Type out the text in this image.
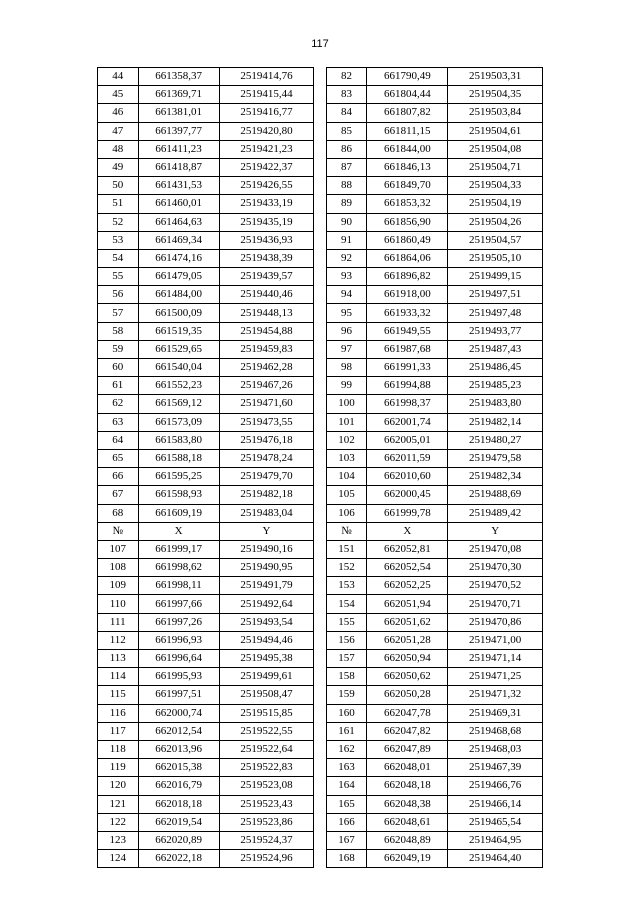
117
44	661358,37	2519414,76		82	661790,49	2519503,31
45	661369,71	2519415,44		83	661804,44	2519504,35
46	661381,01	2519416,77		84	661807,82	2519503,84
47	661397,77	2519420,80		85	661811,15	2519504,61
48	661411,23	2519421,23		86	661844,00	2519504,08
49	661418,87	2519422,37		87	661846,13	2519504,71
50	661431,53	2519426,55		88	661849,70	2519504,33
51	661460,01	2519433,19		89	661853,32	2519504,19
52	661464,63	2519435,19		90	661856,90	2519504,26
53	661469,34	2519436,93		91	661860,49	2519504,57
54	661474,16	2519438,39		92	661864,06	2519505,10
55	661479,05	2519439,57		93	661896,82	2519499,15
56	661484,00	2519440,46		94	661918,00	2519497,51
57	661500,09	2519448,13		95	661933,32	2519497,48
58	661519,35	2519454,88		96	661949,55	2519493,77
59	661529,65	2519459,83		97	661987,68	2519487,43
60	661540,04	2519462,28		98	661991,33	2519486,45
61	661552,23	2519467,26		99	661994,88	2519485,23
62	661569,12	2519471,60		100	661998,37	2519483,80
63	661573,09	2519473,55		101	662001,74	2519482,14
64	661583,80	2519476,18		102	662005,01	2519480,27
65	661588,18	2519478,24		103	662011,59	2519479,58
66	661595,25	2519479,70		104	662010,60	2519482,34
67	661598,93	2519482,18		105	662000,45	2519488,69
68	661609,19	2519483,04		106	661999,78	2519489,42
№	X	Y		№	X	Y
107	661999,17	2519490,16		151	662052,81	2519470,08
108	661998,62	2519490,95		152	662052,54	2519470,30
109	661998,11	2519491,79		153	662052,25	2519470,52
110	661997,66	2519492,64		154	662051,94	2519470,71
111	661997,26	2519493,54		155	662051,62	2519470,86
112	661996,93	2519494,46		156	662051,28	2519471,00
113	661996,64	2519495,38		157	662050,94	2519471,14
114	661995,93	2519499,61		158	662050,62	2519471,25
115	661997,51	2519508,47		159	662050,28	2519471,32
116	662000,74	2519515,85		160	662047,78	2519469,31
117	662012,54	2519522,55		161	662047,82	2519468,68
118	662013,96	2519522,64		162	662047,89	2519468,03
119	662015,38	2519522,83		163	662048,01	2519467,39
120	662016,79	2519523,08		164	662048,18	2519466,76
121	662018,18	2519523,43		165	662048,38	2519466,14
122	662019,54	2519523,86		166	662048,61	2519465,54
123	662020,89	2519524,37		167	662048,89	2519464,95
124	662022,18	2519524,96		168	662049,19	2519464,40
